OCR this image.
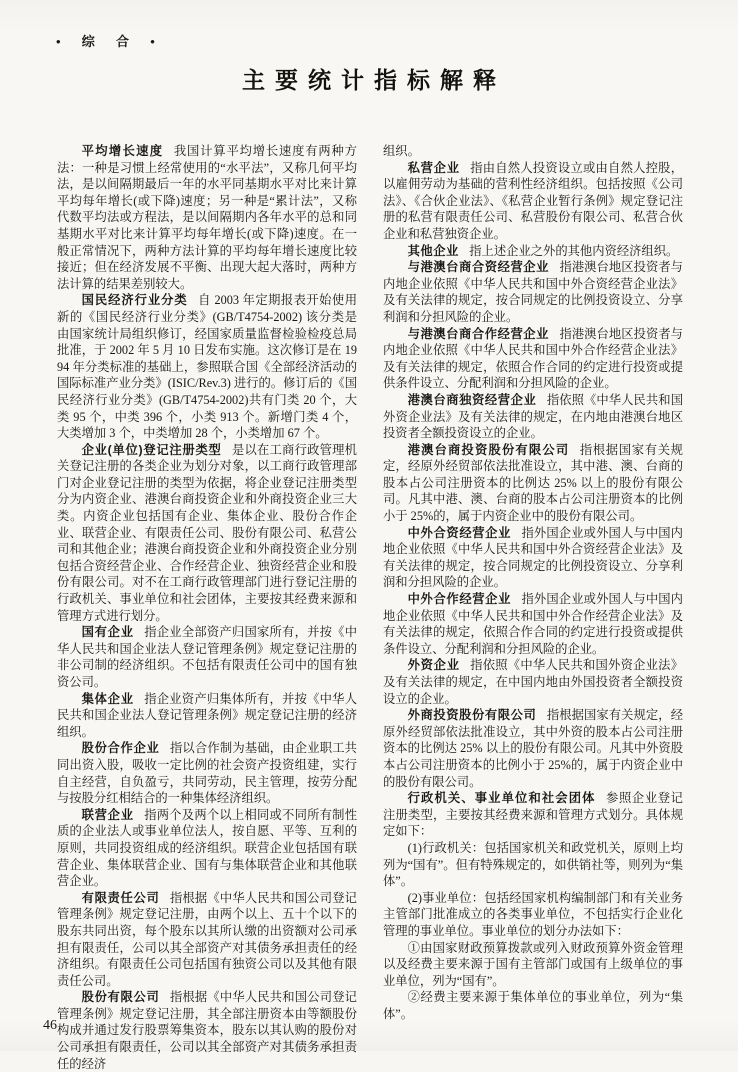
• 综 合 •
主要统计指标解释

平均增长速度 我国计算平均增长速度有两种方法：一种是习惯上经常使用的“水平法”，又称几何平均法，是以间隔期最后一年的水平同基期水平对比来计算平均每年增长(或下降)速度；另一种是“累计法”，又称代数平均法或方程法，是以间隔期内各年水平的总和同基期水平对比来计算平均每年增长(或下降)速度。在一般正常情况下，两种方法计算的平均每年增长速度比较接近；但在经济发展不平衡、出现大起大落时，两种方法计算的结果差别较大。

国民经济行业分类 自 2003 年定期报表开始使用新的《国民经济行业分类》(GB/T4754-2002) 该分类是由国家统计局组织修订，经国家质量监督检验检疫总局批准，于 2002 年 5 月 10 日发布实施。这次修订是在 1994 年分类标准的基础上，参照联合国《全部经济活动的国际标准产业分类》(ISIC/Rev.3) 进行的。修订后的《国民经济行业分类》(GB/T4754-2002)共有门类 20 个，大类 95 个，中类 396 个，小类 913 个。新增门类 4 个，大类增加 3 个，中类增加 28 个，小类增加 67 个。

企业(单位)登记注册类型 是以在工商行政管理机关登记注册的各类企业为划分对象，以工商行政管理部门对企业登记注册的类型为依据，将企业登记注册类型分为内资企业、港澳台商投资企业和外商投资企业三大类。内资企业包括国有企业、集体企业、股份合作企业、联营企业、有限责任公司、股份有限公司、私营公司和其他企业；港澳台商投资企业和外商投资企业分别包括合资经营企业、合作经营企业、独资经营企业和股份有限公司。对不在工商行政管理部门进行登记注册的行政机关、事业单位和社会团体，主要按其经费来源和管理方式进行划分。

国有企业 指企业全部资产归国家所有，并按《中华人民共和国企业法人登记管理条例》规定登记注册的非公司制的经济组织。不包括有限责任公司中的国有独资公司。

集体企业 指企业资产归集体所有，并按《中华人民共和国企业法人登记管理条例》规定登记注册的经济组织。

股份合作企业 指以合作制为基础，由企业职工共同出资入股，吸收一定比例的社会资产投资组建，实行自主经营，自负盈亏，共同劳动，民主管理，按劳分配与按股分红相结合的一种集体经济组织。

联营企业 指两个及两个以上相同或不同所有制性质的企业法人或事业单位法人，按自愿、平等、互利的原则，共同投资组成的经济组织。联营企业包括国有联营企业、集体联营企业、国有与集体联营企业和其他联营企业。

有限责任公司 指根据《中华人民共和国公司登记管理条例》规定登记注册，由两个以上、五十个以下的股东共同出资，每个股东以其所认缴的出资额对公司承担有限责任，公司以其全部资产对其债务承担责任的经济组织。有限责任公司包括国有独资公司以及其他有限责任公司。

股份有限公司 指根据《中华人民共和国公司登记管理条例》规定登记注册，其全部注册资本由等额股份构成并通过发行股票筹集资本，股东以其认购的股份对公司承担有限责任，公司以其全部资产对其债务承担责任的经济

组织。

私营企业 指由自然人投资设立或由自然人控股，以雇佣劳动为基础的营利性经济组织。包括按照《公司法》、《合伙企业法》、《私营企业暂行条例》规定登记注册的私营有限责任公司、私营股份有限公司、私营合伙企业和私营独资企业。

其他企业 指上述企业之外的其他内资经济组织。

与港澳台商合资经营企业 指港澳台地区投资者与内地企业依照《中华人民共和国中外合资经营企业法》及有关法律的规定，按合同规定的比例投资设立、分享利润和分担风险的企业。

与港澳台商合作经营企业 指港澳台地区投资者与内地企业依照《中华人民共和国中外合作经营企业法》及有关法律的规定，依照合作合同的约定进行投资或提供条件设立、分配利润和分担风险的企业。

港澳台商独资经营企业 指依照《中华人民共和国外资企业法》及有关法律的规定，在内地由港澳台地区投资者全额投资设立的企业。

港澳台商投资股份有限公司 指根据国家有关规定，经原外经贸部依法批准设立，其中港、澳、台商的股本占公司注册资本的比例达 25% 以上的股份有限公司。凡其中港、澳、台商的股本占公司注册资本的比例小于 25%的，属于内资企业中的股份有限公司。

中外合资经营企业 指外国企业或外国人与中国内地企业依照《中华人民共和国中外合资经营企业法》及有关法律的规定，按合同规定的比例投资设立、分享利润和分担风险的企业。

中外合作经营企业 指外国企业或外国人与中国内地企业依照《中华人民共和国中外合作经营企业法》及有关法律的规定，依照合作合同的约定进行投资或提供条件设立、分配利润和分担风险的企业。

外资企业 指依照《中华人民共和国外资企业法》及有关法律的规定，在中国内地由外国投资者全额投资设立的企业。

外商投资股份有限公司 指根据国家有关规定，经原外经贸部依法批准设立，其中外资的股本占公司注册资本的比例达 25% 以上的股份有限公司。凡其中外资股本占公司注册资本的比例小于 25%的，属于内资企业中的股份有限公司。

行政机关、事业单位和社会团体 参照企业登记注册类型，主要按其经费来源和管理方式划分。具体规定如下：

(1)行政机关：包括国家机关和政党机关，原则上均列为“国有”。但有特殊规定的，如供销社等，则列为“集体”。

(2)事业单位：包括经国家机构编制部门和有关业务主管部门批准成立的各类事业单位，不包括实行企业化管理的事业单位。事业单位的划分办法如下：

①由国家财政预算拨款或列入财政预算外资金管理以及经费主要来源于国有主管部门或国有上级单位的事业单位，列为“国有”。

②经费主要来源于集体单位的事业单位，列为“集体”。

46
